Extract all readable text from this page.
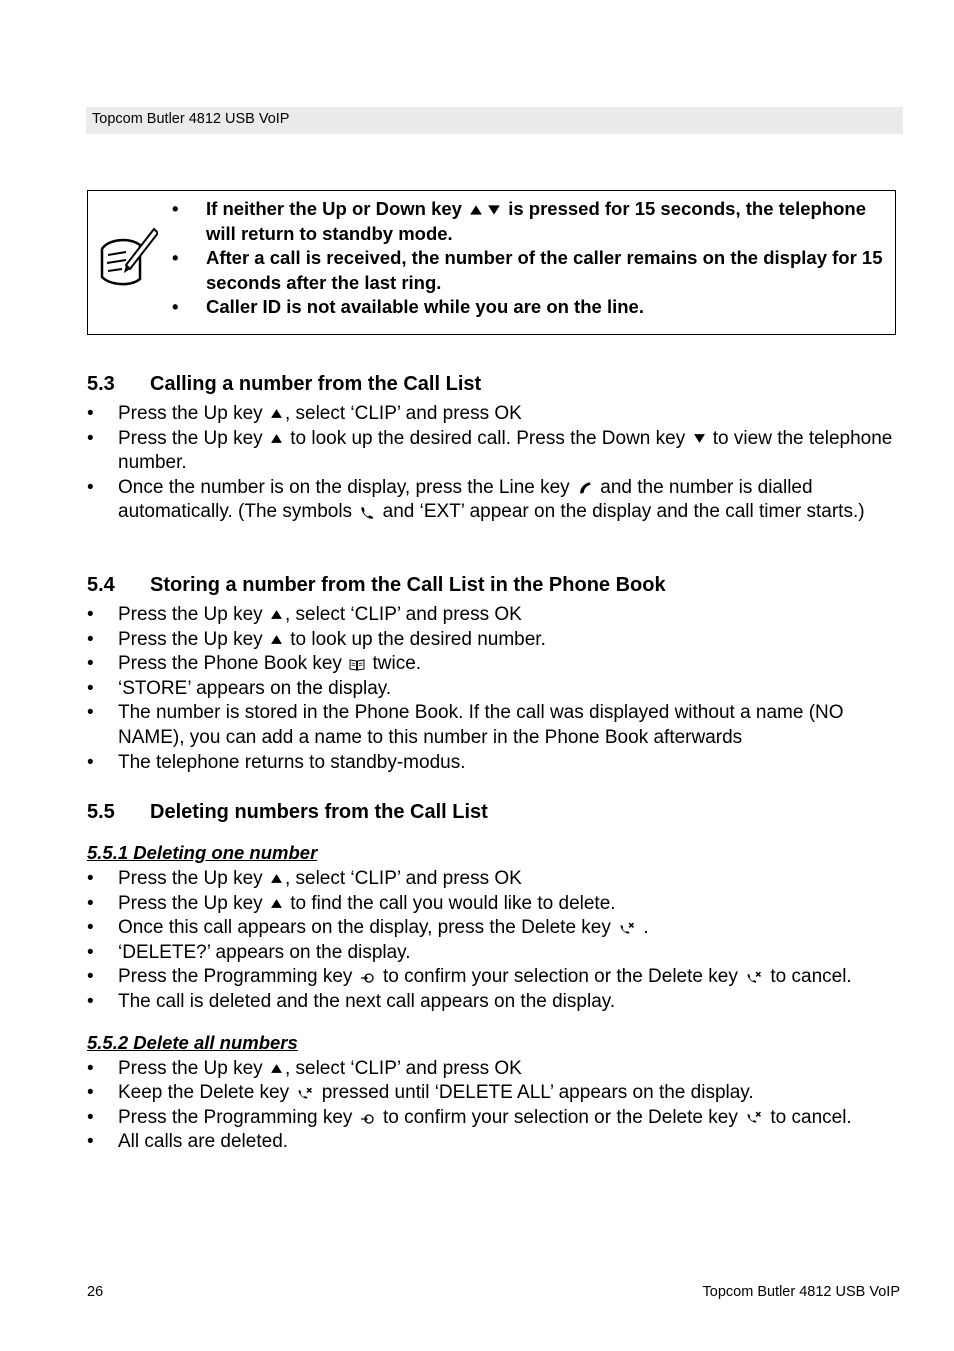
Topcom Butler 4812 USB VoIP
• If neither the Up or Down key	is pressed for 15 seconds, the telephone will return to standby mode.
• After a call is received, the number of the caller remains on the display for 15 seconds after the last ring.
• Caller ID is not available while you are on the line.
5.3 Calling a number from the Call List
• Press the Up key , select ‘CLIP’ and press OK
• Press the Up key to look up the desired call. Press the Down key to view the telephone number.
• Once the number is on the display, press the Line key and the number is dialled automatically. (The symbols and ‘EXT’ appear on the display and the call timer starts.)
5.4 Storing a number from the Call List in the Phone Book
• Press the Up key , select ‘CLIP’ and press OK
• Press the Up key to look up the desired number.
• Press the Phone Book key twice.
• ‘STORE’ appears on the display.
• The number is stored in the Phone Book. If the call was displayed without a name (NO NAME), you can add a name to this number in the Phone Book afterwards
• The telephone returns to standby-modus.
5.5 Deleting numbers from the Call List
5.5.1 Deleting one number
• Press the Up key , select ‘CLIP’ and press OK
• Press the Up key to find the call you would like to delete.
• Once this call appears on the display, press the Delete key .
• ‘DELETE?’ appears on the display.
• Press the Programming key to confirm your selection or the Delete key to cancel.
• The call is deleted and the next call appears on the display.
5.5.2 Delete all numbers
• Press the Up key , select ‘CLIP’ and press OK
• Keep the Delete key pressed until ‘DELETE ALL’ appears on the display.
• Press the Programming key to confirm your selection or the Delete key to cancel.
• All calls are deleted.
26	Topcom Butler 4812 USB VoIP
